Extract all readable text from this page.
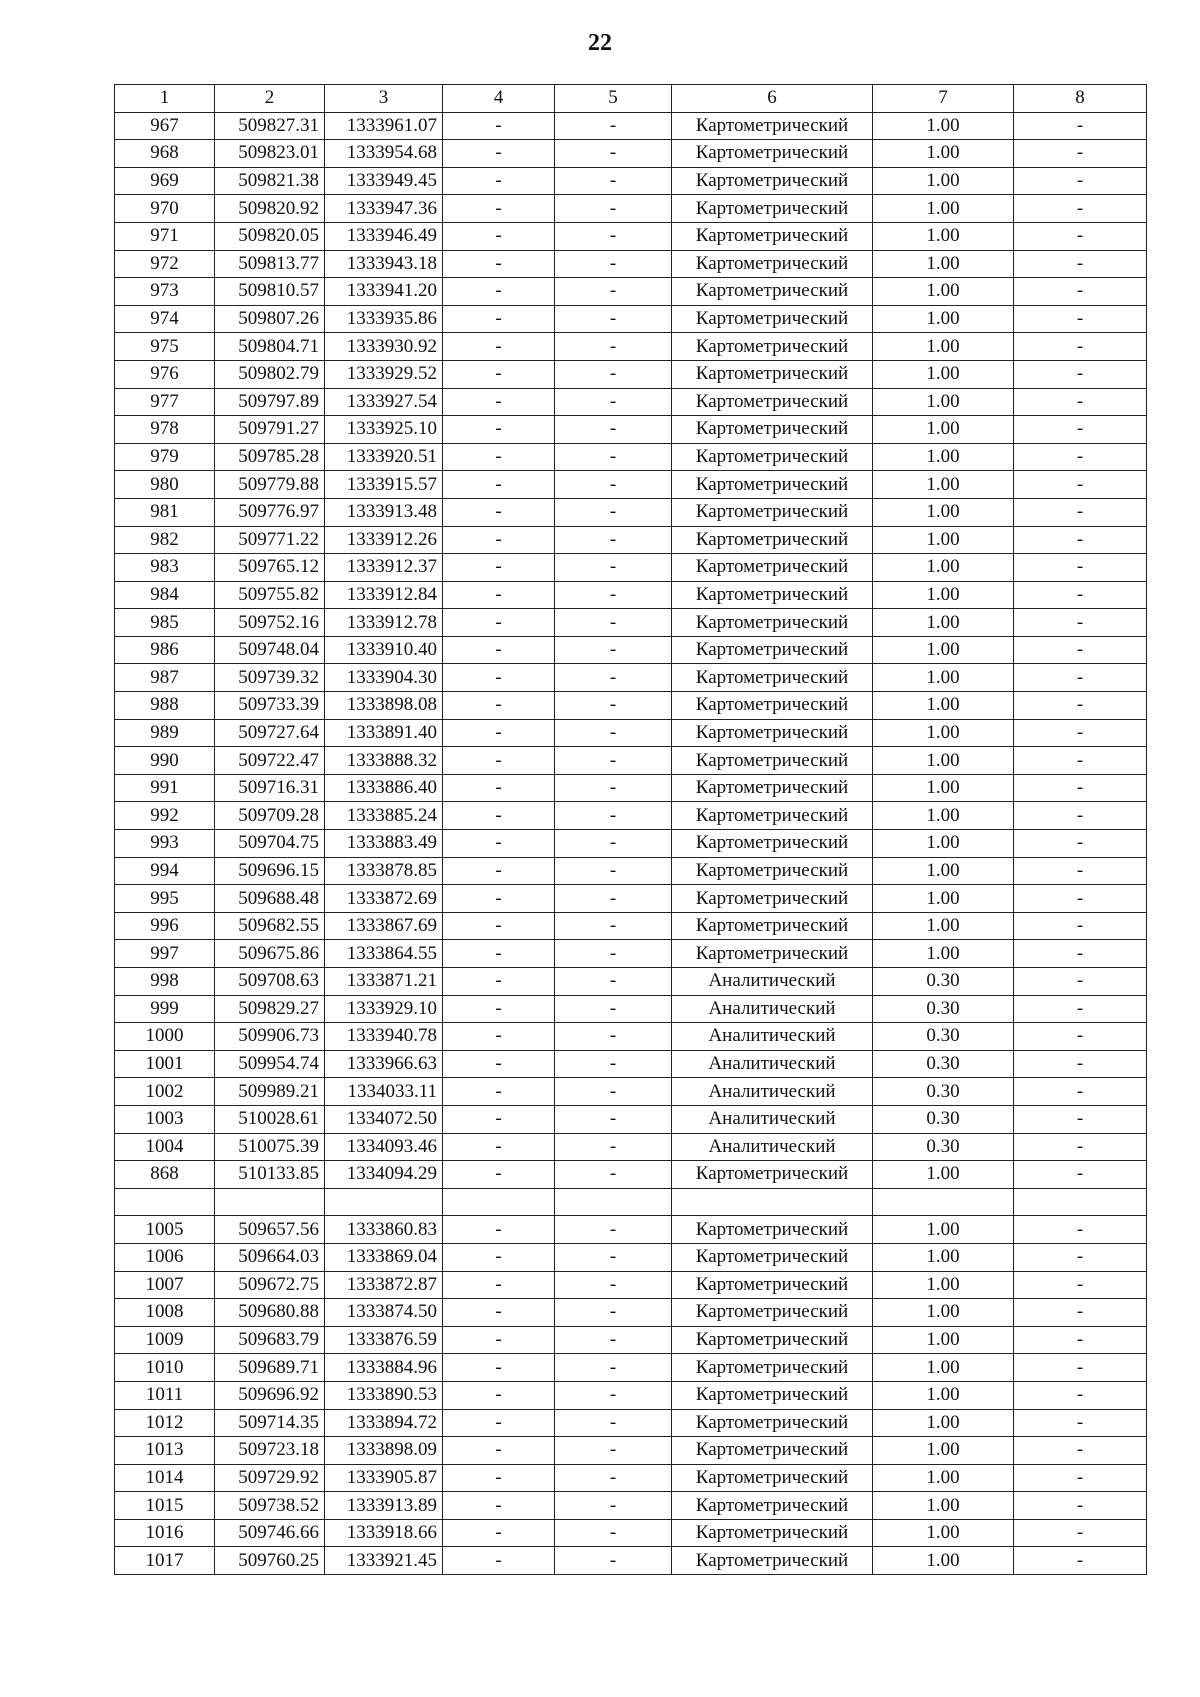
22
1	2	3	4	5	6	7	8
967	509827.31	1333961.07	-	-	Картометрический	1.00	-
968	509823.01	1333954.68	-	-	Картометрический	1.00	-
969	509821.38	1333949.45	-	-	Картометрический	1.00	-
970	509820.92	1333947.36	-	-	Картометрический	1.00	-
971	509820.05	1333946.49	-	-	Картометрический	1.00	-
972	509813.77	1333943.18	-	-	Картометрический	1.00	-
973	509810.57	1333941.20	-	-	Картометрический	1.00	-
974	509807.26	1333935.86	-	-	Картометрический	1.00	-
975	509804.71	1333930.92	-	-	Картометрический	1.00	-
976	509802.79	1333929.52	-	-	Картометрический	1.00	-
977	509797.89	1333927.54	-	-	Картометрический	1.00	-
978	509791.27	1333925.10	-	-	Картометрический	1.00	-
979	509785.28	1333920.51	-	-	Картометрический	1.00	-
980	509779.88	1333915.57	-	-	Картометрический	1.00	-
981	509776.97	1333913.48	-	-	Картометрический	1.00	-
982	509771.22	1333912.26	-	-	Картометрический	1.00	-
983	509765.12	1333912.37	-	-	Картометрический	1.00	-
984	509755.82	1333912.84	-	-	Картометрический	1.00	-
985	509752.16	1333912.78	-	-	Картометрический	1.00	-
986	509748.04	1333910.40	-	-	Картометрический	1.00	-
987	509739.32	1333904.30	-	-	Картометрический	1.00	-
988	509733.39	1333898.08	-	-	Картометрический	1.00	-
989	509727.64	1333891.40	-	-	Картометрический	1.00	-
990	509722.47	1333888.32	-	-	Картометрический	1.00	-
991	509716.31	1333886.40	-	-	Картометрический	1.00	-
992	509709.28	1333885.24	-	-	Картометрический	1.00	-
993	509704.75	1333883.49	-	-	Картометрический	1.00	-
994	509696.15	1333878.85	-	-	Картометрический	1.00	-
995	509688.48	1333872.69	-	-	Картометрический	1.00	-
996	509682.55	1333867.69	-	-	Картометрический	1.00	-
997	509675.86	1333864.55	-	-	Картометрический	1.00	-
998	509708.63	1333871.21	-	-	Аналитический	0.30	-
999	509829.27	1333929.10	-	-	Аналитический	0.30	-
1000	509906.73	1333940.78	-	-	Аналитический	0.30	-
1001	509954.74	1333966.63	-	-	Аналитический	0.30	-
1002	509989.21	1334033.11	-	-	Аналитический	0.30	-
1003	510028.61	1334072.50	-	-	Аналитический	0.30	-
1004	510075.39	1334093.46	-	-	Аналитический	0.30	-
868	510133.85	1334094.29	-	-	Картометрический	1.00	-

1005	509657.56	1333860.83	-	-	Картометрический	1.00	-
1006	509664.03	1333869.04	-	-	Картометрический	1.00	-
1007	509672.75	1333872.87	-	-	Картометрический	1.00	-
1008	509680.88	1333874.50	-	-	Картометрический	1.00	-
1009	509683.79	1333876.59	-	-	Картометрический	1.00	-
1010	509689.71	1333884.96	-	-	Картометрический	1.00	-
1011	509696.92	1333890.53	-	-	Картометрический	1.00	-
1012	509714.35	1333894.72	-	-	Картометрический	1.00	-
1013	509723.18	1333898.09	-	-	Картометрический	1.00	-
1014	509729.92	1333905.87	-	-	Картометрический	1.00	-
1015	509738.52	1333913.89	-	-	Картометрический	1.00	-
1016	509746.66	1333918.66	-	-	Картометрический	1.00	-
1017	509760.25	1333921.45	-	-	Картометрический	1.00	-
